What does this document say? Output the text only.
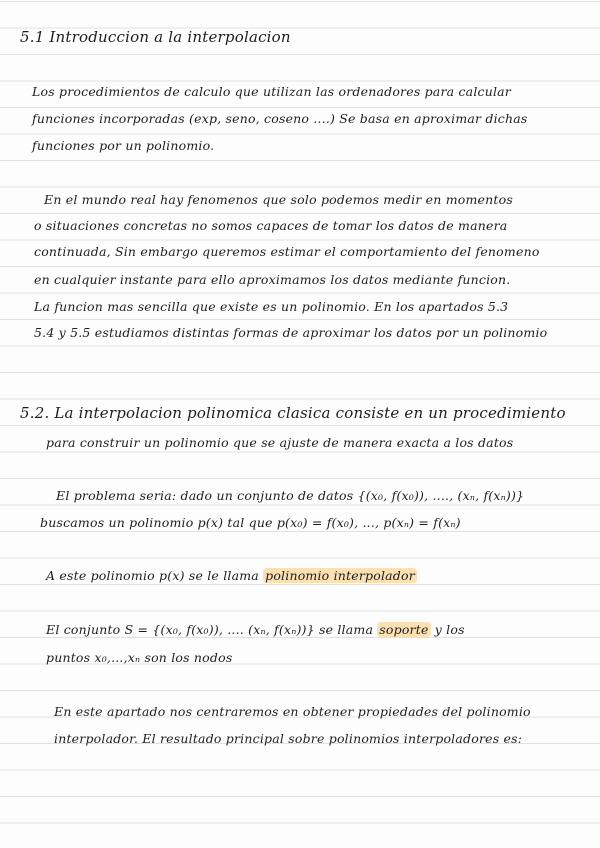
5.1 Introduccion a la interpolacion

Los procedimientos de calculo que utilizan las ordenadores para calcular

funciones incorporadas (exp, seno, coseno ....) Se basa en aproximar dichas

funciones por un polinomio.

En el mundo real hay fenomenos que solo podemos medir en momentos

o situaciones concretas no somos capaces de tomar los datos de manera

continuada, Sin embargo queremos estimar el comportamiento del fenomeno

en cualquier instante para ello aproximamos los datos mediante funcion.

La funcion mas sencilla que existe es un polinomio. En los apartados 5.3

5.4 y 5.5 estudiamos distintas formas de aproximar los datos por un polinomio

5.2. La interpolacion polinomica clasica consiste en un procedimiento

para construir un polinomio que se ajuste de manera exacta a los datos

El problema seria: dado un conjunto de datos {(x₀, f(x₀)), ...., (xₙ, f(xₙ))}

buscamos un polinomio p(x) tal que p(x₀) = f(x₀), ..., p(xₙ) = f(xₙ)

A este polinomio p(x) se le llama polinomio interpolador

El conjunto S = {(x₀, f(x₀)), .... (xₙ, f(xₙ))} se llama soporte y los

puntos x₀,...,xₙ son los nodos

En este apartado nos centraremos en obtener propiedades del polinomio

interpolador. El resultado principal sobre polinomios interpoladores es:
